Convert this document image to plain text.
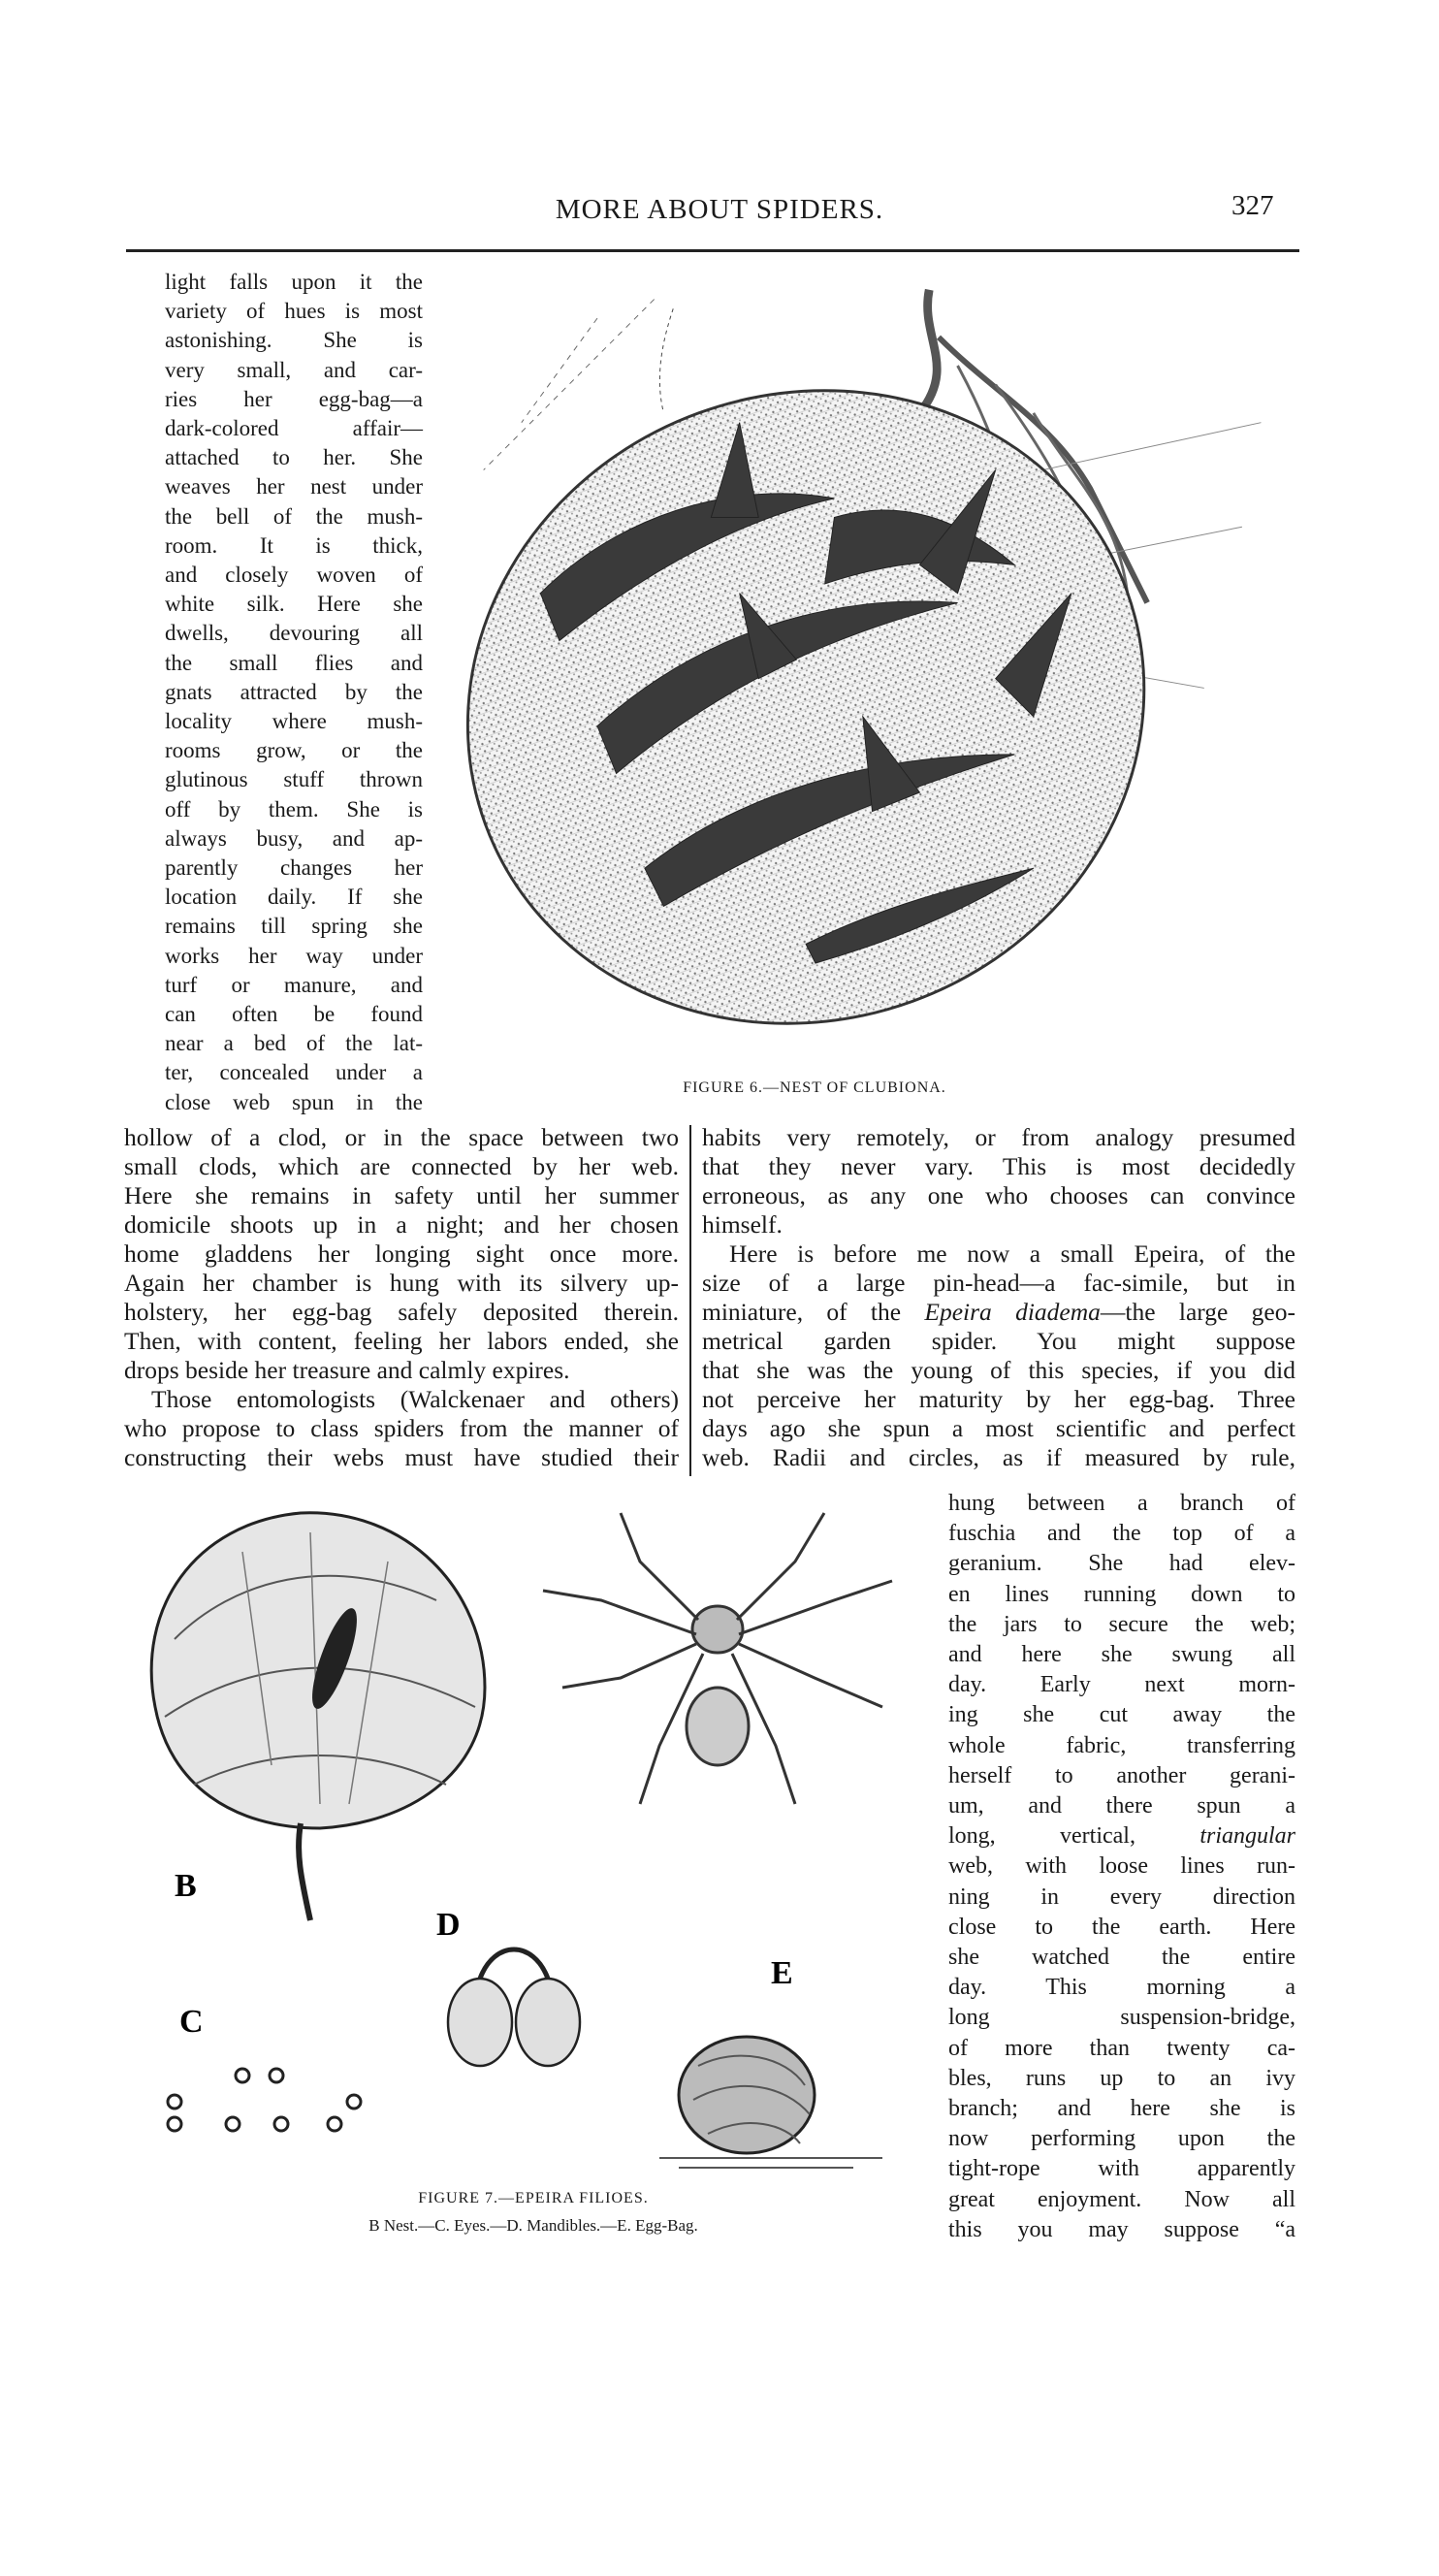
MORE ABOUT SPIDERS.	327
light falls upon it the
variety of hues is most
astonishing. She is
very small, and car-
ries her egg-bag—a
dark-colored affair—
attached to her. She
weaves her nest under
the bell of the mush-
room. It is thick,
and closely woven of
white silk. Here she
dwells, devouring all
the small flies and
gnats attracted by the
locality where mush-
rooms grow, or the
glutinous stuff thrown
off by them. She is
always busy, and ap-
parently changes her
location daily. If she
remains till spring she
works her way under
turf or manure, and
can often be found
near a bed of the lat-
ter, concealed under a
close web spun in the
FIGURE 6.—NEST OF CLUBIONA.
hollow of a clod, or in the space between two
small clods, which are connected by her web.
Here she remains in safety until her summer
domicile shoots up in a night; and her chosen
home gladdens her longing sight once more.
Again her chamber is hung with its silvery up-
holstery, her egg-bag safely deposited therein.
Then, with content, feeling her labors ended, she
drops beside her treasure and calmly expires.
Those entomologists (Walckenaer and others)
who propose to class spiders from the manner of
constructing their webs must have studied their
habits very remotely, or from analogy presumed
that they never vary. This is most decidedly
erroneous, as any one who chooses can convince
himself.
Here is before me now a small Epeira, of the
size of a large pin-head—a fac-simile, but in
miniature, of the Epeira diadema—the large geo-
metrical garden spider. You might suppose
that she was the young of this species, if you did
not perceive her maturity by her egg-bag. Three
days ago she spun a most scientific and perfect
web. Radii and circles, as if measured by rule,
B
D
E
C
FIGURE 7.—EPEIRA FILIOES.
B Nest.—C. Eyes.—D. Mandibles.—E. Egg-Bag.
hung between a branch of
fuschia and the top of a
geranium. She had elev-
en lines running down to
the jars to secure the web;
and here she swung all
day. Early next morn-
ing she cut away the
whole fabric, transferring
herself to another gerani-
um, and there spun a
long, vertical, triangular
web, with loose lines run-
ning in every direction
close to the earth. Here
she watched the entire
day. This morning a
long suspension-bridge,
of more than twenty ca-
bles, runs up to an ivy
branch; and here she is
now performing upon the
tight-rope with apparently
great enjoyment. Now all
this you may suppose “a
